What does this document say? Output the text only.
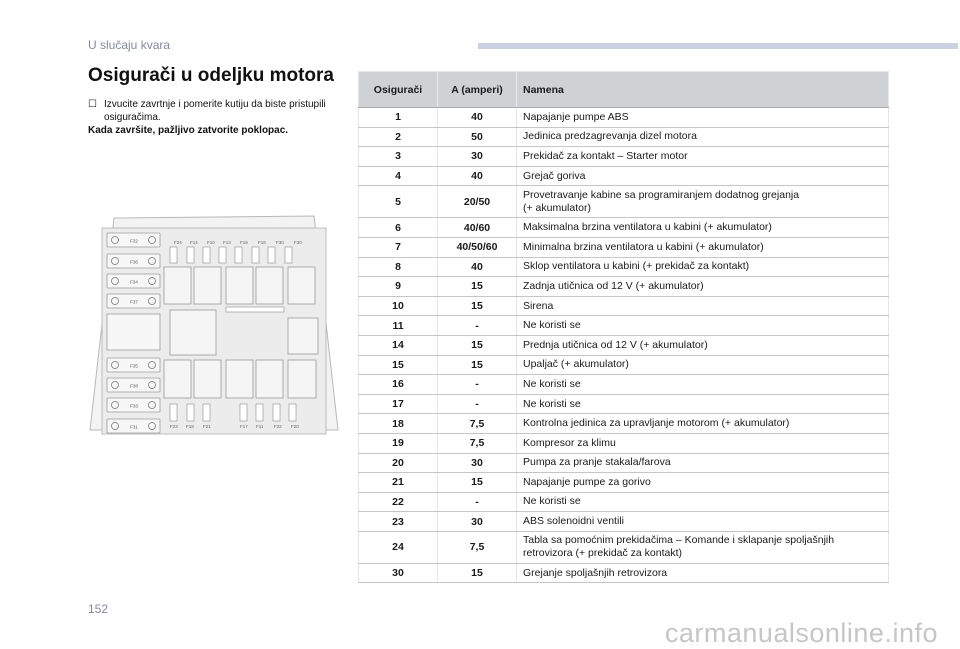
U slučaju kvara
Osigurači u odeljku motora
☐ Izvucite zavrtnje i pomerite kutiju da biste pristupili osiguračima.
Kada završite, pažljivo zatvorite poklopac.
F32
F36
F34
F37
F35
F38
F33
F31
F24 F14 F10 F13 F19 F16 F30 F30
F23 F18 F21	F17 F11 F22 F20
Osigurači	A (amperi)	Namena
1	40	Napajanje pumpe ABS

2	50	Jedinica predzagrevanja dizel motora

3	30	Prekidač za kontakt – Starter motor

4	40	Grejač goriva

5	20/50	Provetravanje kabine sa programiranjem dodatnog grejanja
(+ akumulator)

6	40/60	Maksimalna brzina ventilatora u kabini (+ akumulator)

7	40/50/60	Minimalna brzina ventilatora u kabini (+ akumulator)

8	40	Sklop ventilatora u kabini (+ prekidač za kontakt)

9	15	Zadnja utičnica od 12 V (+ akumulator)

10	15	Sirena

11	-	Ne koristi se

14	15	Prednja utičnica od 12 V (+ akumulator)

15	15	Upaljač (+ akumulator)

16	-	Ne koristi se

17	-	Ne koristi se

18	7,5	Kontrolna jedinica za upravljanje motorom (+ akumulator)

19	7,5	Kompresor za klimu

20	30	Pumpa za pranje stakala/farova

21	15	Napajanje pumpe za gorivo

22	-	Ne koristi se

23	30	ABS solenoidni ventili

24	7,5	Tabla sa pomoćnim prekidačima – Komande i sklapanje spoljašnjih
retrovizora (+ prekidač za kontakt)

30	15	Grejanje spoljašnjih retrovizora
152
carmanualsonline.info
